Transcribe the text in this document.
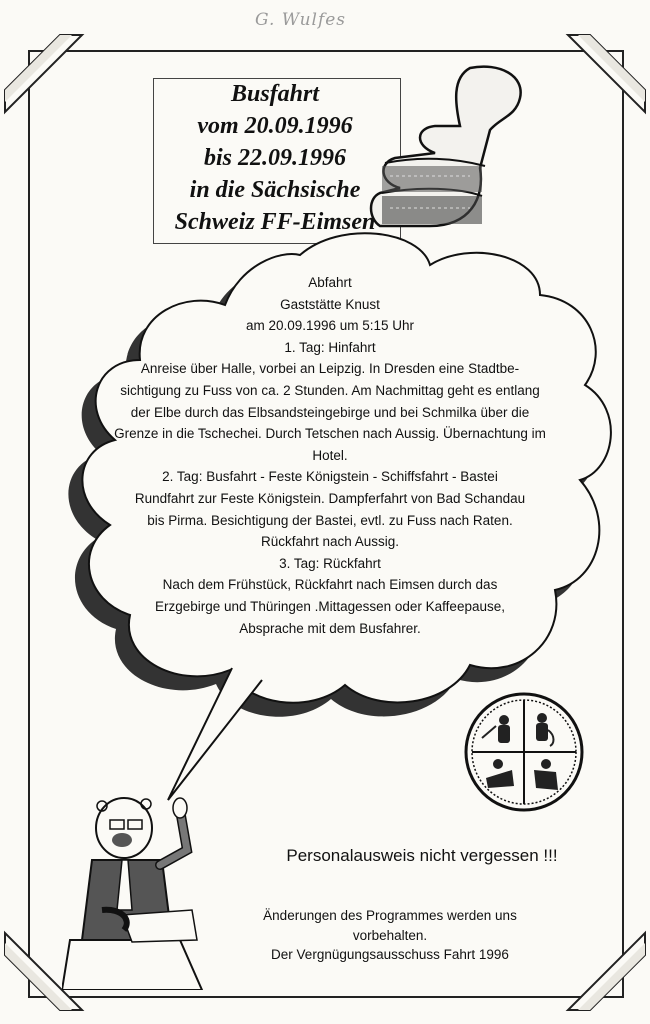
G. Wulfes
Busfahrt
vom 20.09.1996
bis 22.09.1996
in die Sächsische
Schweiz FF-Eimsen
Abfahrt
Gaststätte Knust
am 20.09.1996 um 5:15 Uhr
1. Tag: Hinfahrt
Anreise über Halle, vorbei an Leipzig. In Dresden eine Stadtbe-
sichtigung zu Fuss von ca. 2 Stunden. Am Nachmittag geht es entlang
der Elbe durch das Elbsandsteingebirge und bei Schmilka über die
Grenze in die Tschechei. Durch Tetschen nach Aussig. Übernachtung im
Hotel.
2. Tag: Busfahrt - Feste Königstein - Schiffsfahrt - Bastei
Rundfahrt zur Feste Königstein. Dampferfahrt von Bad Schandau
bis Pirma. Besichtigung der Bastei, evtl. zu Fuss nach Raten.
Rückfahrt nach Aussig.
3. Tag: Rückfahrt
Nach dem Frühstück, Rückfahrt nach Eimsen durch das
Erzgebirge und Thüringen .Mittagessen oder Kaffeepause,
Absprache mit dem Busfahrer.
Personalausweis nicht vergessen !!!
Änderungen des Programmes werden uns
vorbehalten.
Der Vergnügungsausschuss Fahrt 1996
